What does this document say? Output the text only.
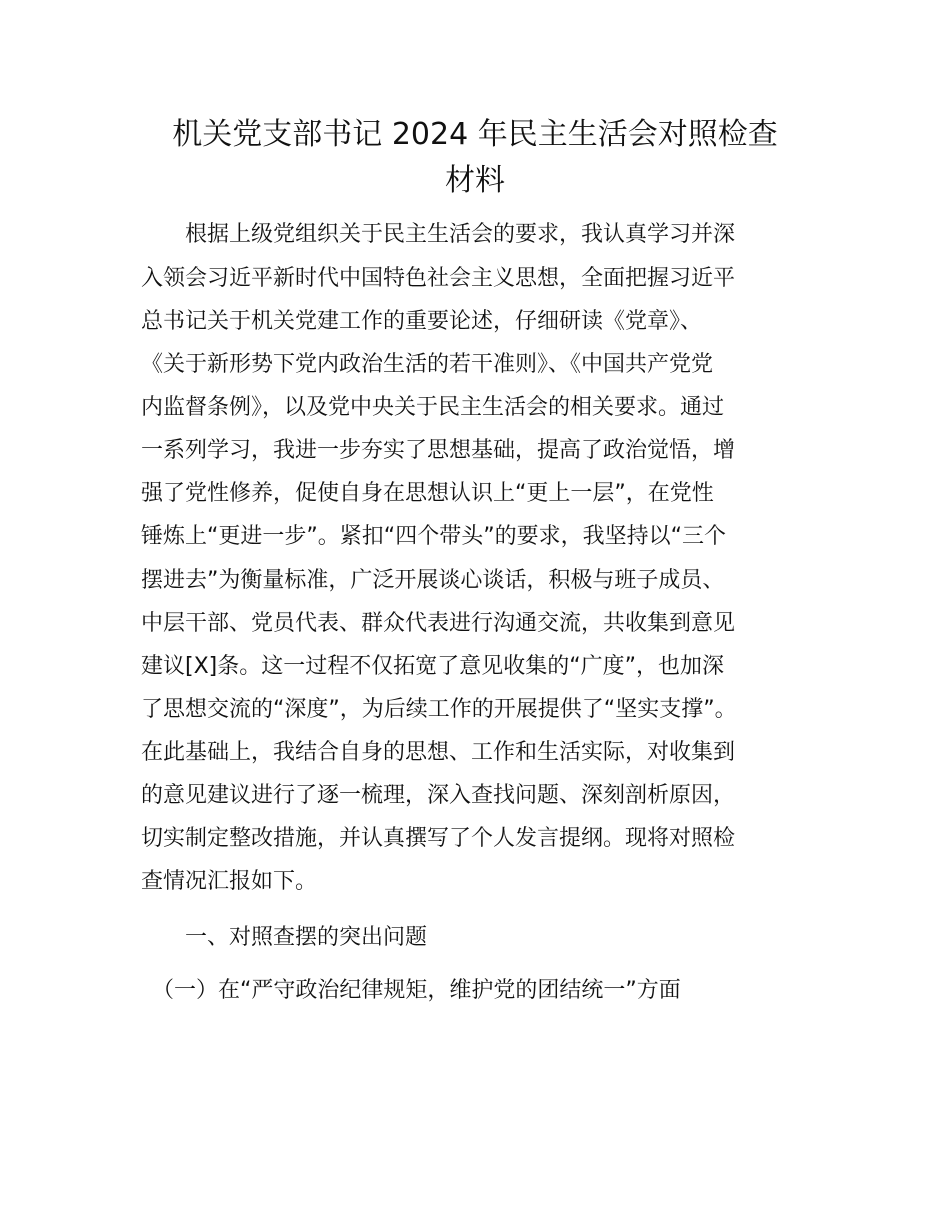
机关党支部书记 2024 年民主生活会对照检查
材料

　　根据上级党组织关于民主生活会的要求，我认真学习并深

入领会习近平新时代中国特色社会主义思想，全面把握习近平

总书记关于机关党建工作的重要论述，仔细研读《党章》、

《关于新形势下党内政治生活的若干准则》、《中国共产党党

内监督条例》，以及党中央关于民主生活会的相关要求。通过

一系列学习，我进一步夯实了思想基础，提高了政治觉悟，增

强了党性修养，促使自身在思想认识上“更上一层”，在党性

锤炼上“更进一步”。紧扣“四个带头”的要求，我坚持以“三个

摆进去”为衡量标准，广泛开展谈心谈话，积极与班子成员、

中层干部、党员代表、群众代表进行沟通交流，共收集到意见

建议[X]条。这一过程不仅拓宽了意见收集的“广度”，也加深

了思想交流的“深度”，为后续工作的开展提供了“坚实支撑”。

在此基础上，我结合自身的思想、工作和生活实际，对收集到

的意见建议进行了逐一梳理，深入查找问题、深刻剖析原因，

切实制定整改措施，并认真撰写了个人发言提纲。现将对照检

查情况汇报如下。

　　一、对照查摆的突出问题

　（一）在“严守政治纪律规矩，维护党的团结统一”方面
